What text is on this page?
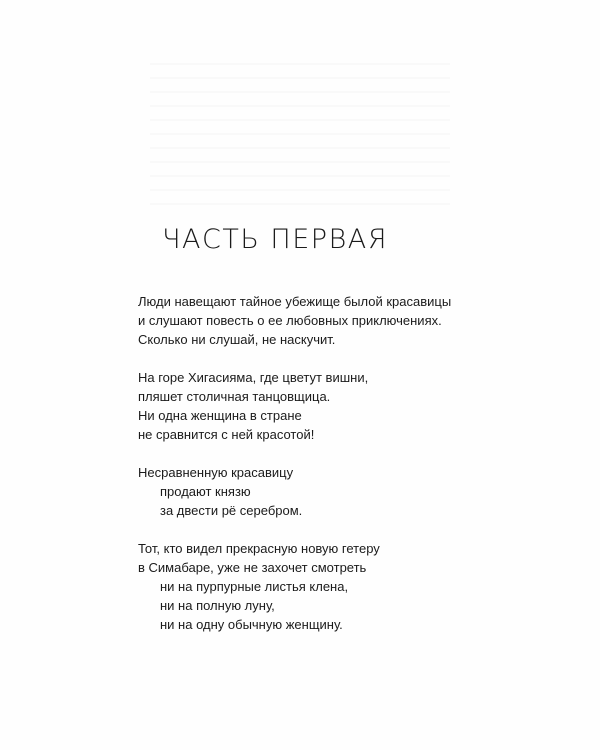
ЧАСТЬ ПЕРВАЯ
Люди навещают тайное убежище былой красавицы
и слушают повесть о ее любовных приключениях.
Сколько ни слушай, не наскучит.
На горе Хигасияма, где цветут вишни,
пляшет столичная танцовщица.
Ни одна женщина в стране
не сравнится с ней красотой!
Несравненную красавицу
продают князю
за двести рё серебром.
Тот, кто видел прекрасную новую гетеру
в Симабаре, уже не захочет смотреть
ни на пурпурные листья клена,
ни на полную луну,
ни на одну обычную женщину.
